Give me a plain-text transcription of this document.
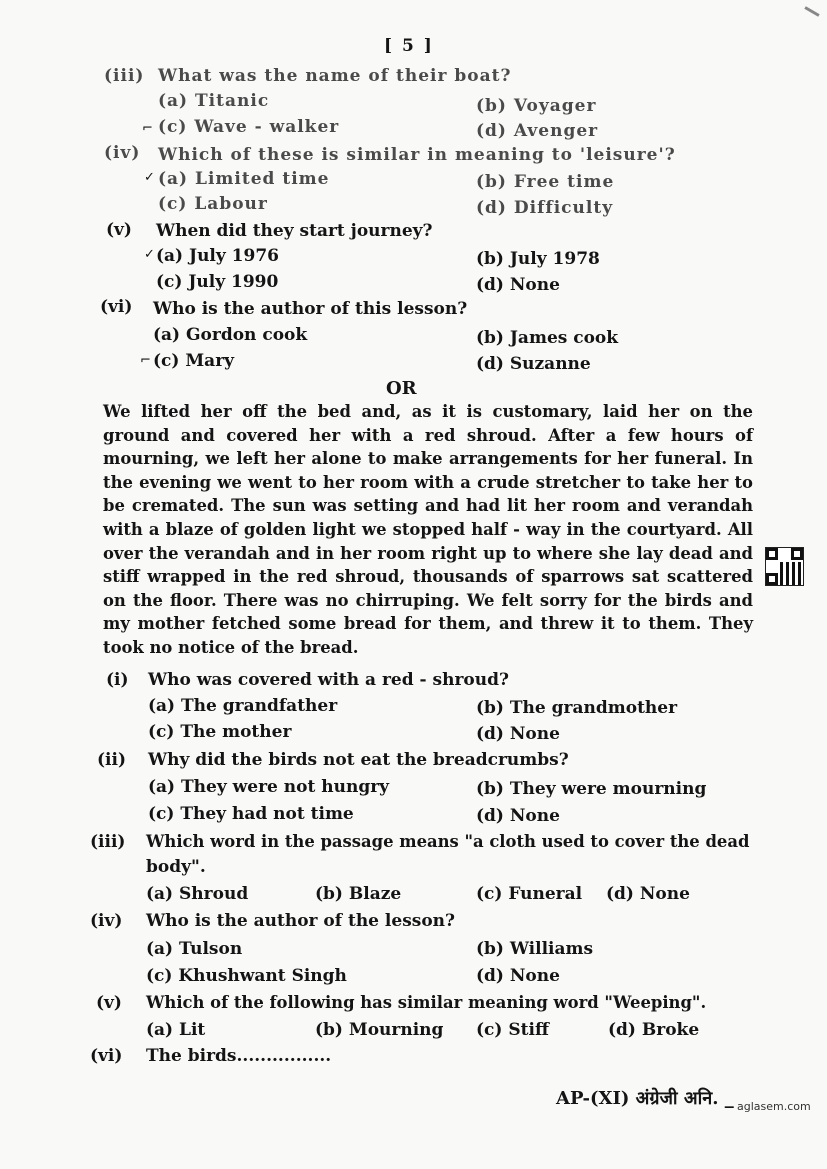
[ 5 ]
(iii) What was the name of their boat?
(a) Titanic	(b) Voyager
(c) Wave - walker	(d) Avenger
(iv) Which of these is similar in meaning to 'leisure'?
(a) Limited time	(b) Free time
(c) Labour	(d) Difficulty
(v) When did they start journey?
(a) July 1976	(b) July 1978
(c) July 1990	(d) None
(vi) Who is the author of this lesson?
(a) Gordon cook	(b) James cook
(c) Mary	(d) Suzanne
⌐
✓
✓
⌐
OR
We lifted her off the bed and, as it is customary, laid her on the ground and covered her with a red shroud. After a few hours of mourning, we left her alone to make arrangements for her funeral. In the evening we went to her room with a crude stretcher to take her to be cremated. The sun was setting and had lit her room and verandah with a blaze of golden light we stopped half - way in the courtyard. All over the verandah and in her room right up to where she lay dead and stiff wrapped in the red shroud, thousands of sparrows sat scattered on the floor. There was no chirruping. We felt sorry for the birds and my mother fetched some bread for them, and threw it to them. They took no notice of the bread.
(i) Who was covered with a red - shroud?
(a) The grandfather	(b) The grandmother
(c) The mother	(d) None
(ii) Why did the birds not eat the breadcrumbs?
(a) They were not hungry	(b) They were mourning
(c) They had not time	(d) None
(iii) Which word in the passage means "a cloth used to cover the dead
body".
(a) Shroud	(b) Blaze	(c) Funeral (d) None
(iv) Who is the author of the lesson?
(a) Tulson	(b) Williams
(c) Khushwant Singh	(d) None
(v) Which of the following has similar meaning word "Weeping".
(a) Lit	(b) Mourning (c) Stiff	(d) Broke
(vi) The birds................
AP-(XI) अंग्रेजी अनि. _ aglasem.com
